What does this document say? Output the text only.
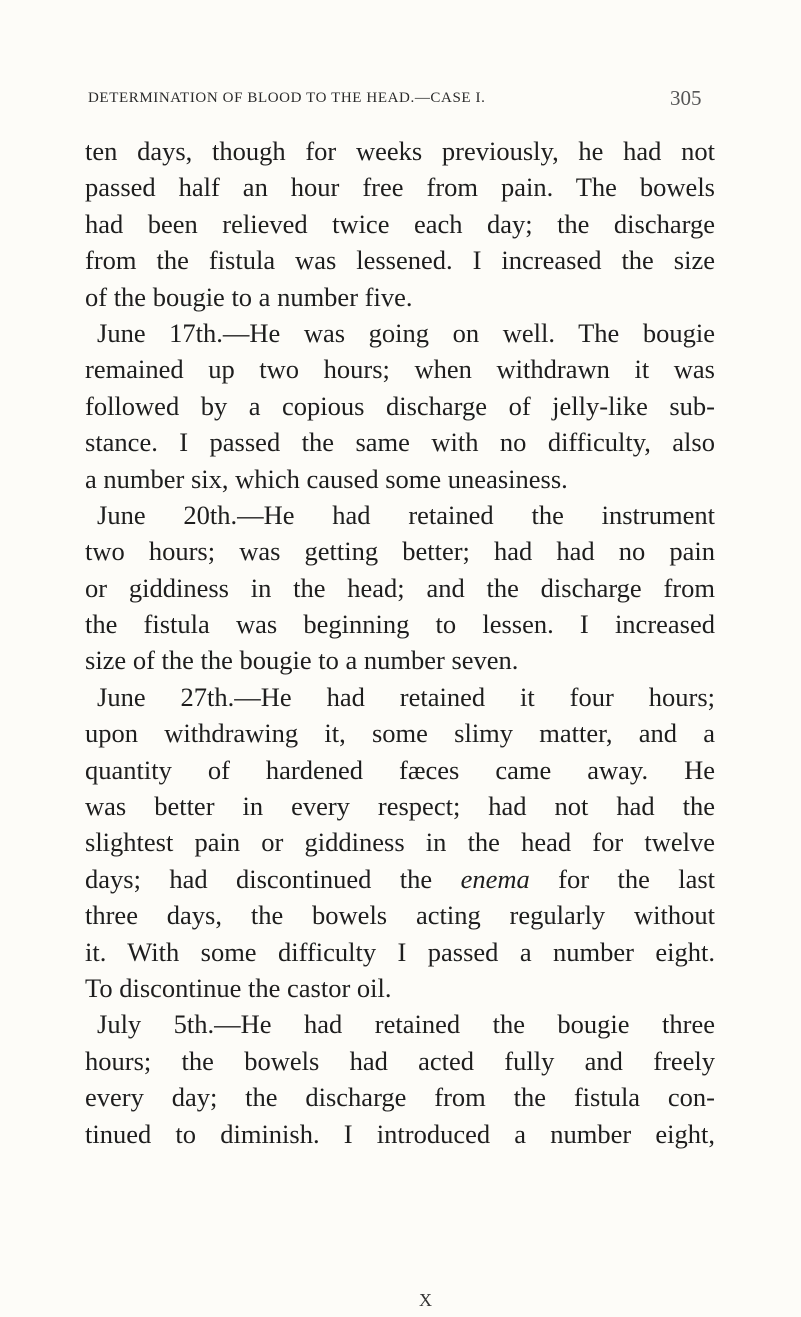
DETERMINATION OF BLOOD TO THE HEAD.—CASE I.	305
ten days, though for weeks previously, he had not
passed half an hour free from pain. The bowels
had been relieved twice each day; the discharge
from the fistula was lessened. I increased the size
of the bougie to a number five.
June 17th.—He was going on well. The bougie
remained up two hours; when withdrawn it was
followed by a copious discharge of jelly-like sub-
stance. I passed the same with no difficulty, also
a number six, which caused some uneasiness.
June 20th.—He had retained the instrument
two hours; was getting better; had had no pain
or giddiness in the head; and the discharge from
the fistula was beginning to lessen. I increased
size of the the bougie to a number seven.
June 27th.—He had retained it four hours;
upon withdrawing it, some slimy matter, and a
quantity of hardened fæces came away. He
was better in every respect; had not had the
slightest pain or giddiness in the head for twelve
days; had discontinued the enema for the last
three days, the bowels acting regularly without
it. With some difficulty I passed a number eight.
To discontinue the castor oil.
July 5th.—He had retained the bougie three
hours; the bowels had acted fully and freely
every day; the discharge from the fistula con-
tinued to diminish. I introduced a number eight,
X
